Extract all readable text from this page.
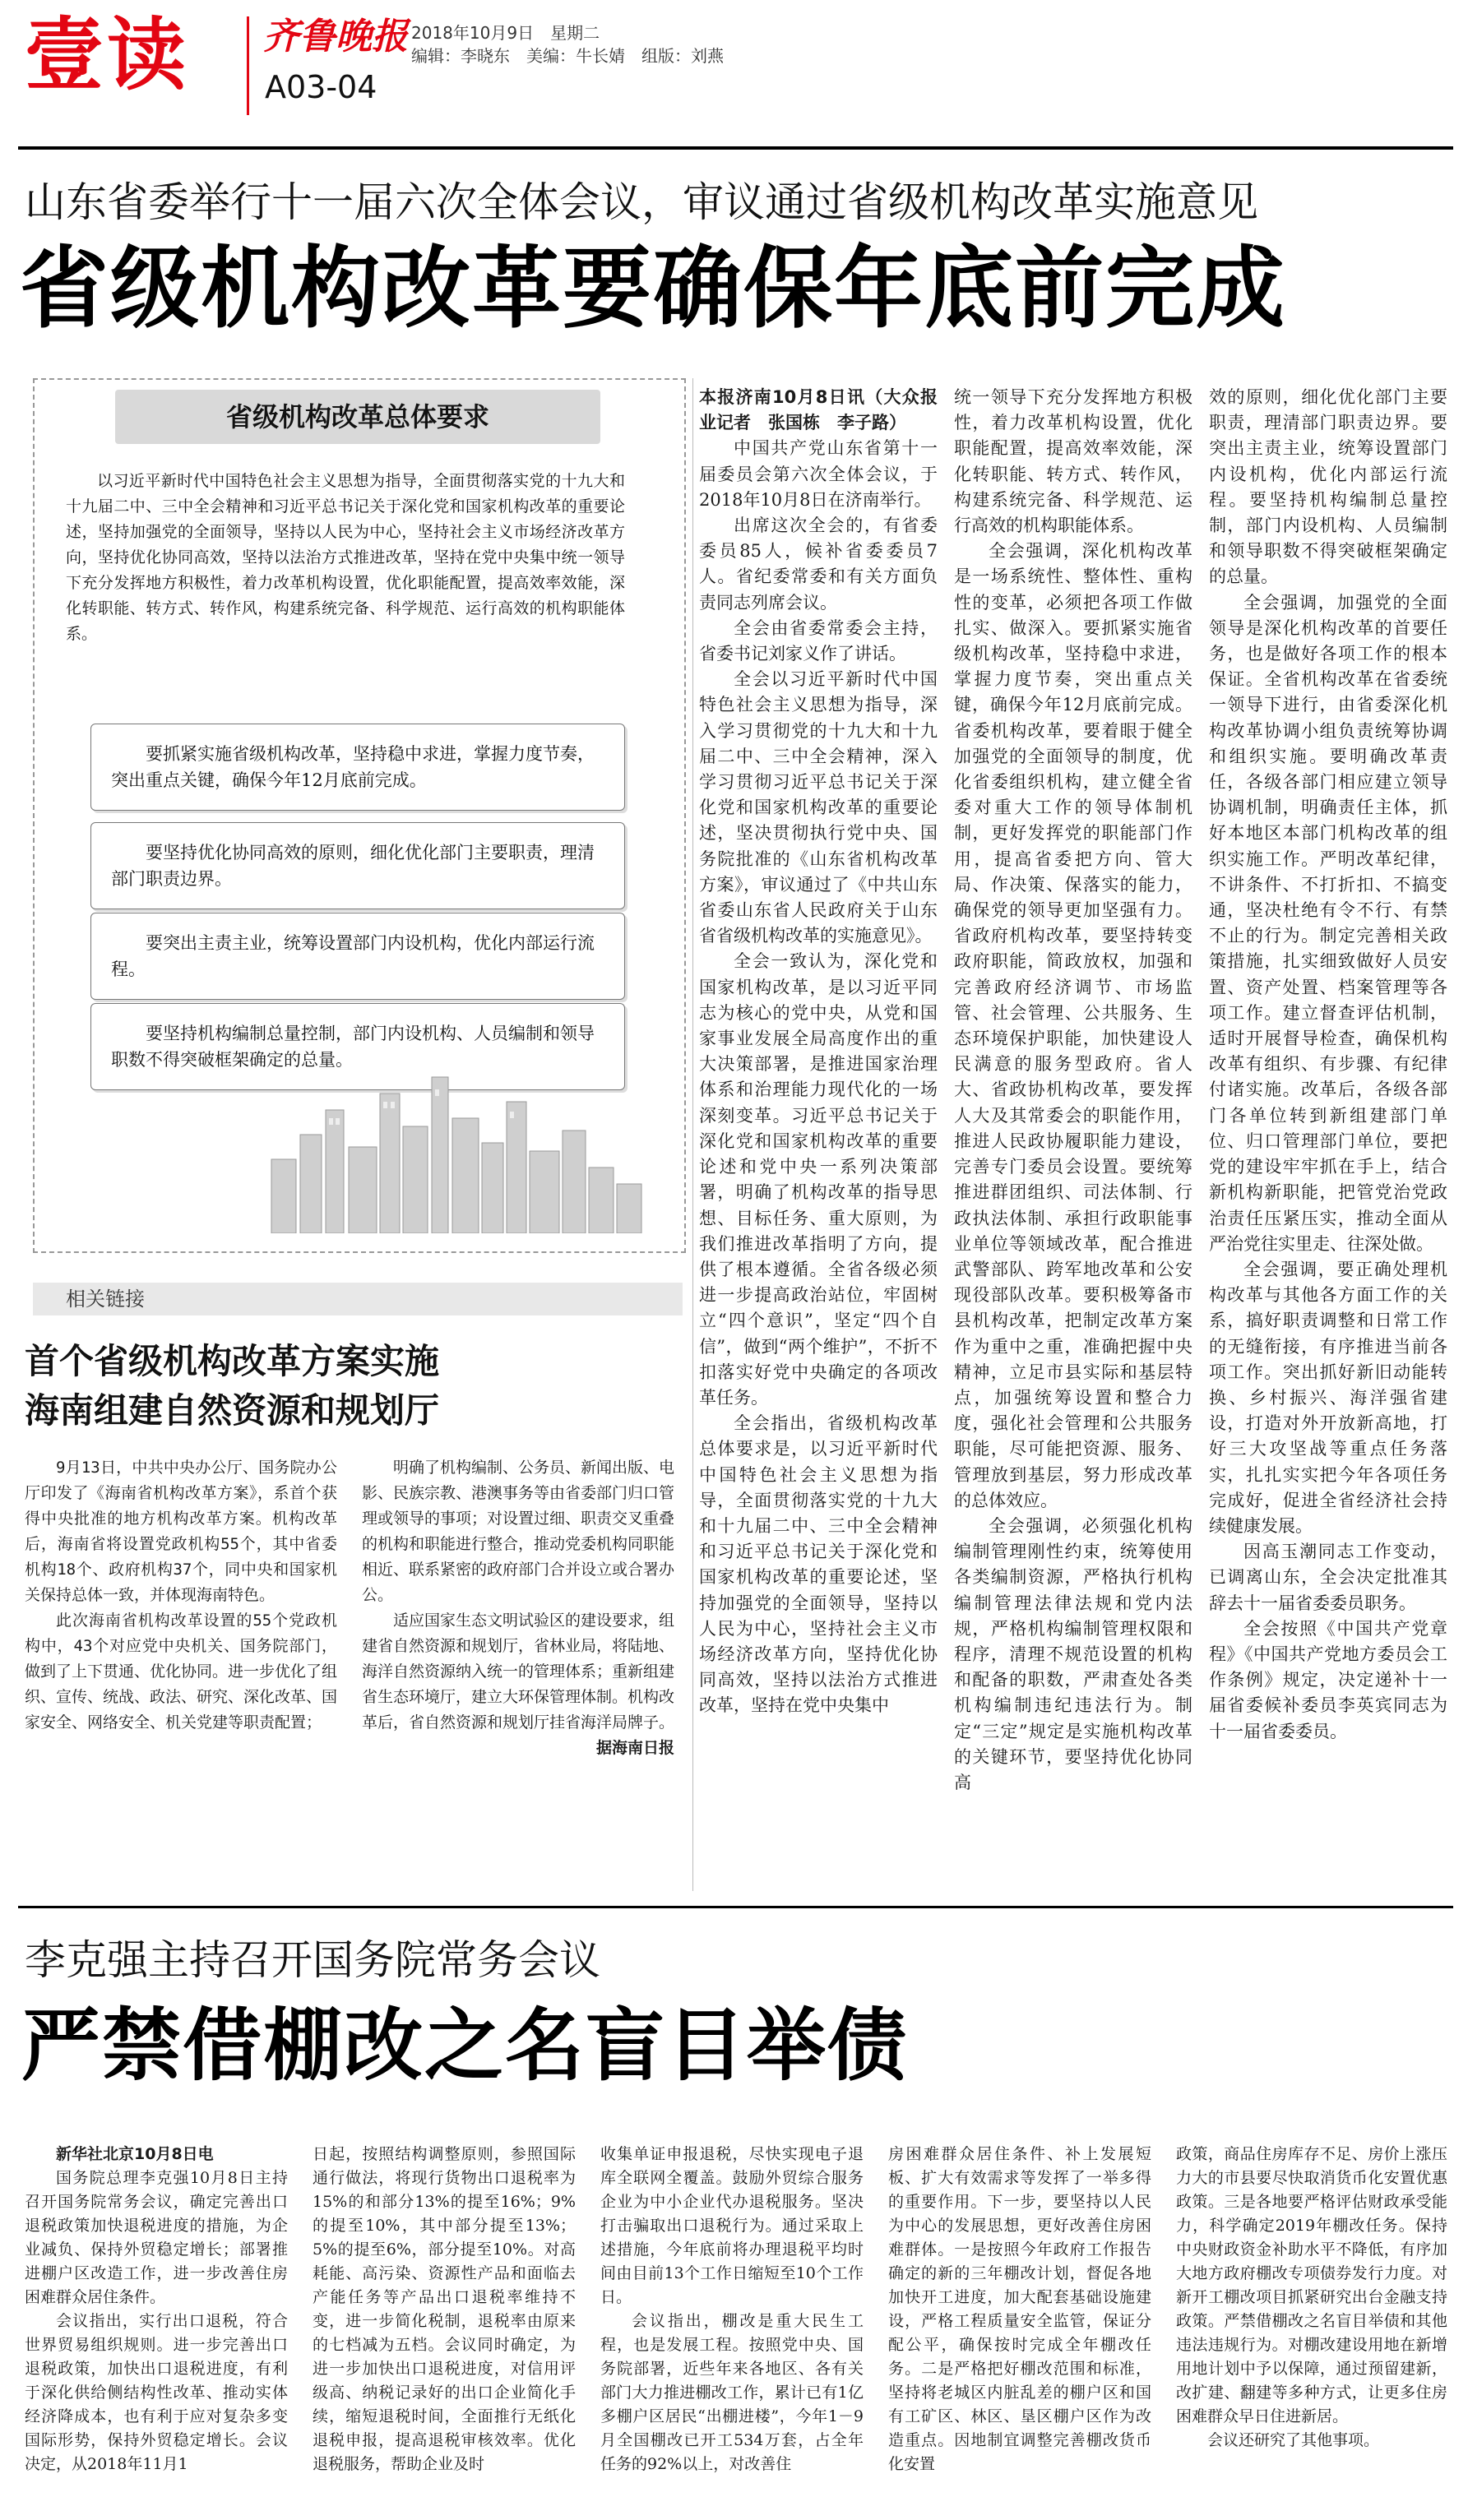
壹读 齐鲁晚报
A03-04
2018年10月9日　星期二
编辑：李晓东　美编：牛长婧　组版：刘燕
山东省委举行十一届六次全体会议，审议通过省级机构改革实施意见
省级机构改革要确保年底前完成
省级机构改革总体要求
以习近平新时代中国特色社会主义思想为指导，全面贯彻落实党的十九大和十九届二中、三中全会精神和习近平总书记关于深化党和国家机构改革的重要论述，坚持加强党的全面领导，坚持以人民为中心，坚持社会主义市场经济改革方向，坚持优化协同高效，坚持以法治方式推进改革，坚持在党中央集中统一领导下充分发挥地方积极性，着力改革机构设置，优化职能配置，提高效率效能，深化转职能、转方式、转作风，构建系统完备、科学规范、运行高效的机构职能体系。
要抓紧实施省级机构改革，坚持稳中求进，掌握力度节奏，突出重点关键，确保今年12月底前完成。
要坚持优化协同高效的原则，细化优化部门主要职责，理清部门职责边界。
要突出主责主业，统筹设置部门内设机构，优化内部运行流程。
要坚持机构编制总量控制，部门内设机构、人员编制和领导职数不得突破框架确定的总量。
相关链接
首个省级机构改革方案实施
海南组建自然资源和规划厅

9月13日，中共中央办公厅、国务院办公厅印发了《海南省机构改革方案》，系首个获得中央批准的地方机构改革方案。机构改革后，海南省将设置党政机构55个，其中省委机构18个、政府机构37个，同中央和国家机关保持总体一致，并体现海南特色。

此次海南省机构改革设置的55个党政机构中，43个对应党中央机关、国务院部门，做到了上下贯通、优化协同。进一步优化了组织、宣传、统战、政法、研究、深化改革、国家安全、网络安全、机关党建等职责配置；

明确了机构编制、公务员、新闻出版、电影、民族宗教、港澳事务等由省委部门归口管理或领导的事项；对设置过细、职责交叉重叠的机构和职能进行整合，推动党委机构同职能相近、联系紧密的政府部门合并设立或合署办公。

适应国家生态文明试验区的建设要求，组建省自然资源和规划厅，省林业局，将陆地、海洋自然资源纳入统一的管理体系；重新组建省生态环境厅，建立大环保管理体制。机构改革后，省自然资源和规划厅挂省海洋局牌子。

据海南日报

本报济南10月8日讯（大众报业记者　张国栋　李子路）

中国共产党山东省第十一届委员会第六次全体会议，于2018年10月8日在济南举行。

出席这次全会的，有省委委员85人，候补省委委员7人。省纪委常委和有关方面负责同志列席会议。

全会由省委常委会主持，省委书记刘家义作了讲话。

全会以习近平新时代中国特色社会主义思想为指导，深入学习贯彻党的十九大和十九届二中、三中全会精神，深入学习贯彻习近平总书记关于深化党和国家机构改革的重要论述，坚决贯彻执行党中央、国务院批准的《山东省机构改革方案》，审议通过了《中共山东省委山东省人民政府关于山东省省级机构改革的实施意见》。

全会一致认为，深化党和国家机构改革，是以习近平同志为核心的党中央，从党和国家事业发展全局高度作出的重大决策部署，是推进国家治理体系和治理能力现代化的一场深刻变革。习近平总书记关于深化党和国家机构改革的重要论述和党中央一系列决策部署，明确了机构改革的指导思想、目标任务、重大原则，为我们推进改革指明了方向，提供了根本遵循。全省各级必须进一步提高政治站位，牢固树立“四个意识”，坚定“四个自信”，做到“两个维护”，不折不扣落实好党中央确定的各项改革任务。

全会指出，省级机构改革总体要求是，以习近平新时代中国特色社会主义思想为指导，全面贯彻落实党的十九大和十九届二中、三中全会精神和习近平总书记关于深化党和国家机构改革的重要论述，坚持加强党的全面领导，坚持以人民为中心，坚持社会主义市场经济改革方向，坚持优化协同高效，坚持以法治方式推进改革，坚持在党中央集中

统一领导下充分发挥地方积极性，着力改革机构设置，优化职能配置，提高效率效能，深化转职能、转方式、转作风，构建系统完备、科学规范、运行高效的机构职能体系。

全会强调，深化机构改革是一场系统性、整体性、重构性的变革，必须把各项工作做扎实、做深入。要抓紧实施省级机构改革，坚持稳中求进，掌握力度节奏，突出重点关键，确保今年12月底前完成。省委机构改革，要着眼于健全加强党的全面领导的制度，优化省委组织机构，建立健全省委对重大工作的领导体制机制，更好发挥党的职能部门作用，提高省委把方向、管大局、作决策、保落实的能力，确保党的领导更加坚强有力。省政府机构改革，要坚持转变政府职能，简政放权，加强和完善政府经济调节、市场监管、社会管理、公共服务、生态环境保护职能，加快建设人民满意的服务型政府。省人大、省政协机构改革，要发挥人大及其常委会的职能作用，推进人民政协履职能力建设，完善专门委员会设置。要统筹推进群团组织、司法体制、行政执法体制、承担行政职能事业单位等领域改革，配合推进武警部队、跨军地改革和公安现役部队改革。要积极筹备市县机构改革，把制定改革方案作为重中之重，准确把握中央精神，立足市县实际和基层特点，加强统筹设置和整合力度，强化社会管理和公共服务职能，尽可能把资源、服务、管理放到基层，努力形成改革的总体效应。

全会强调，必须强化机构编制管理刚性约束，统筹使用各类编制资源，严格执行机构编制管理法律法规和党内法规，严格机构编制管理权限和程序，清理不规范设置的机构和配备的职数，严肃查处各类机构编制违纪违法行为。制定“三定”规定是实施机构改革的关键环节，要坚持优化协同高

效的原则，细化优化部门主要职责，理清部门职责边界。要突出主责主业，统筹设置部门内设机构，优化内部运行流程。要坚持机构编制总量控制，部门内设机构、人员编制和领导职数不得突破框架确定的总量。

全会强调，加强党的全面领导是深化机构改革的首要任务，也是做好各项工作的根本保证。全省机构改革在省委统一领导下进行，由省委深化机构改革协调小组负责统筹协调和组织实施。要明确改革责任，各级各部门相应建立领导协调机制，明确责任主体，抓好本地区本部门机构改革的组织实施工作。严明改革纪律，不讲条件、不打折扣、不搞变通，坚决杜绝有令不行、有禁不止的行为。制定完善相关政策措施，扎实细致做好人员安置、资产处置、档案管理等各项工作。建立督查评估机制，适时开展督导检查，确保机构改革有组织、有步骤、有纪律付诸实施。改革后，各级各部门各单位转到新组建部门单位、归口管理部门单位，要把党的建设牢牢抓在手上，结合新机构新职能，把管党治党政治责任压紧压实，推动全面从严治党往实里走、往深处做。

全会强调，要正确处理机构改革与其他各方面工作的关系，搞好职责调整和日常工作的无缝衔接，有序推进当前各项工作。突出抓好新旧动能转换、乡村振兴、海洋强省建设，打造对外开放新高地，打好三大攻坚战等重点任务落实，扎扎实实把今年各项任务完成好，促进全省经济社会持续健康发展。

因高玉潮同志工作变动，已调离山东，全会决定批准其辞去十一届省委委员职务。

全会按照《中国共产党章程》《中国共产党地方委员会工作条例》规定，决定递补十一届省委候补委员李英宾同志为十一届省委委员。

李克强主持召开国务院常务会议
严禁借棚改之名盲目举债

新华社北京10月8日电

国务院总理李克强10月8日主持召开国务院常务会议，确定完善出口退税政策加快退税进度的措施，为企业减负、保持外贸稳定增长；部署推进棚户区改造工作，进一步改善住房困难群众居住条件。

会议指出，实行出口退税，符合世界贸易组织规则。进一步完善出口退税政策，加快出口退税进度，有利于深化供给侧结构性改革、推动实体经济降成本，也有利于应对复杂多变国际形势，保持外贸稳定增长。会议决定，从2018年11月1

日起，按照结构调整原则，参照国际通行做法，将现行货物出口退税率为15%的和部分13%的提至16%；9%的提至10%，其中部分提至13%；5%的提至6%，部分提至10%。对高耗能、高污染、资源性产品和面临去产能任务等产品出口退税率维持不变，进一步简化税制，退税率由原来的七档减为五档。会议同时确定，为进一步加快出口退税进度，对信用评级高、纳税记录好的出口企业简化手续，缩短退税时间，全面推行无纸化退税申报，提高退税审核效率。优化退税服务，帮助企业及时

收集单证申报退税，尽快实现电子退库全联网全覆盖。鼓励外贸综合服务企业为中小企业代办退税服务。坚决打击骗取出口退税行为。通过采取上述措施，今年底前将办理退税平均时间由目前13个工作日缩短至10个工作日。

会议指出，棚改是重大民生工程，也是发展工程。按照党中央、国务院部署，近些年来各地区、各有关部门大力推进棚改工作，累计已有1亿多棚户区居民“出棚进楼”，今年1－9月全国棚改已开工534万套，占全年任务的92%以上，对改善住

房困难群众居住条件、补上发展短板、扩大有效需求等发挥了一举多得的重要作用。下一步，要坚持以人民为中心的发展思想，更好改善住房困难群体。一是按照今年政府工作报告确定的新的三年棚改计划，督促各地加快开工进度，加大配套基础设施建设，严格工程质量安全监管，保证分配公平，确保按时完成全年棚改任务。二是严格把好棚改范围和标准，坚持将老城区内脏乱差的棚户区和国有工矿区、林区、垦区棚户区作为改造重点。因地制宜调整完善棚改货币化安置

政策，商品住房库存不足、房价上涨压力大的市县要尽快取消货币化安置优惠政策。三是各地要严格评估财政承受能力，科学确定2019年棚改任务。保持中央财政资金补助水平不降低，有序加大地方政府棚改专项债券发行力度。对新开工棚改项目抓紧研究出台金融支持政策。严禁借棚改之名盲目举债和其他违法违规行为。对棚改建设用地在新增用地计划中予以保障，通过预留建新，改扩建、翻建等多种方式，让更多住房困难群众早日住进新居。

会议还研究了其他事项。
